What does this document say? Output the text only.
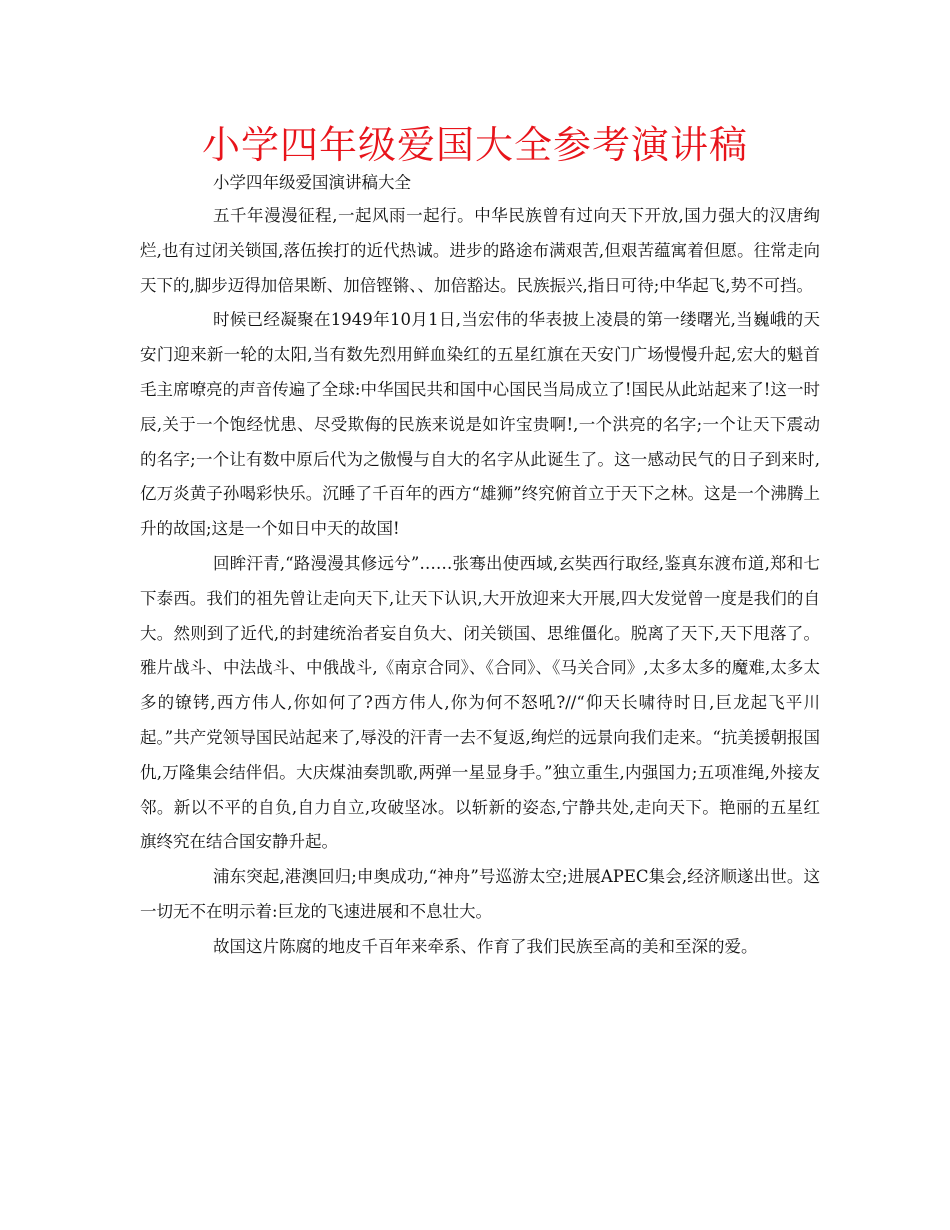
小学四年级爱国大全参考演讲稿
小学四年级爱国演讲稿大全

五千年漫漫征程,一起风雨一起行。中华民族曾有过向天下开放,国力强大的汉唐绚烂,也有过闭关锁国,落伍挨打的近代热诚。进步的路途布满艰苦,但艰苦蕴寓着但愿。往常走向天下的,脚步迈得加倍果断、加倍铿锵、、加倍豁达。民族振兴,指日可待;中华起飞,势不可挡。

时候已经凝聚在1949年10月1日,当宏伟的华表披上凌晨的第一缕曙光,当巍峨的天安门迎来新一轮的太阳,当有数先烈用鲜血染红的五星红旗在天安门广场慢慢升起,宏大的魁首毛主席嘹亮的声音传遍了全球:中华国民共和国中心国民当局成立了!国民从此站起来了!这一时辰,关于一个饱经忧患、尽受欺侮的民族来说是如许宝贵啊!,一个洪亮的名字;一个让天下震动的名字;一个让有数中原后代为之傲慢与自大的名字从此诞生了。这一感动民气的日子到来时,亿万炎黄子孙喝彩快乐。沉睡了千百年的西方“雄狮”终究俯首立于天下之林。这是一个沸腾上升的故国;这是一个如日中天的故国!

回眸汗青,“路漫漫其修远兮”……张骞出使西域,玄奘西行取经,鉴真东渡布道,郑和七下泰西。我们的祖先曾让走向天下,让天下认识,大开放迎来大开展,四大发觉曾一度是我们的自大。然则到了近代,的封建统治者妄自负大、闭关锁国、思维僵化。脱离了天下,天下甩落了。雅片战斗、中法战斗、中俄战斗,《南京合同》、《合同》、《马关合同》,太多太多的魔难,太多太多的镣铐,西方伟人,你如何了?西方伟人,你为何不怒吼?//“仰天长啸待时日,巨龙起飞平川起。”共产党领导国民站起来了,辱没的汗青一去不复返,绚烂的远景向我们走来。“抗美援朝报国仇,万隆集会结伴侣。大庆煤油奏凯歌,两弹一星显身手。”独立重生,内强国力;五项准绳,外接友邻。新以不平的自负,自力自立,攻破坚冰。以斩新的姿态,宁静共处,走向天下。艳丽的五星红旗终究在结合国安静升起。

浦东突起,港澳回归;申奥成功,“神舟”号巡游太空;进展APEC集会,经济顺遂出世。这一切无不在明示着:巨龙的飞速进展和不息壮大。

故国这片陈腐的地皮千百年来牵系、作育了我们民族至高的美和至深的爱。
